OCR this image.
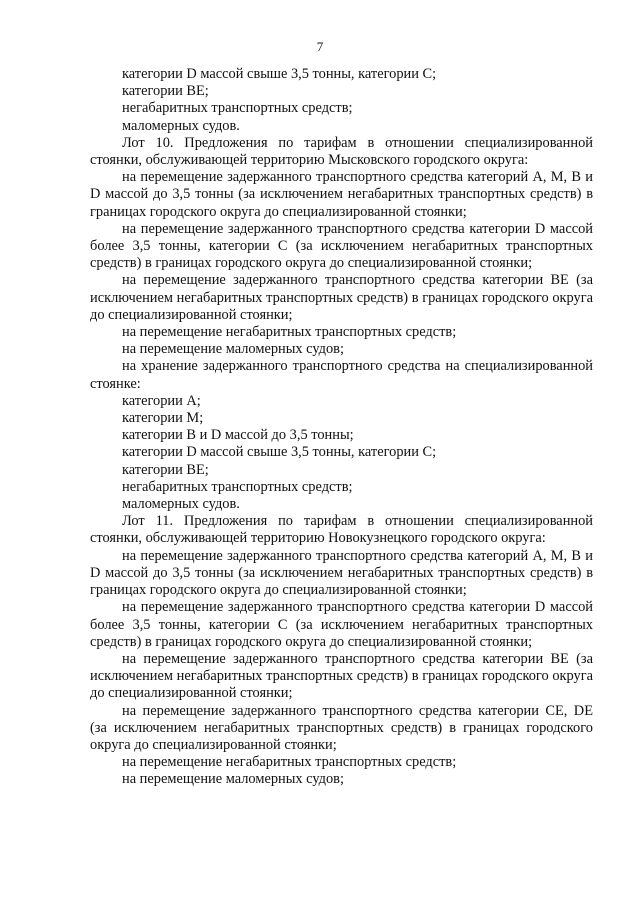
7

категории D массой свыше 3,5 тонны, категории С;

категории ВЕ;

негабаритных транспортных средств;

маломерных судов.

Лот 10. Предложения по тарифам в отношении специализированной стоянки, обслуживающей территорию Мысковского городского округа:

на перемещение задержанного транспортного средства категорий А, М, В и D массой до 3,5 тонны (за исключением негабаритных транспортных средств) в границах городского округа до специализированной стоянки;

на перемещение задержанного транспортного средства категории D массой более 3,5 тонны, категории С (за исключением негабаритных транспортных средств) в границах городского округа до специализированной стоянки;

на перемещение задержанного транспортного средства категории ВЕ (за исключением негабаритных транспортных средств) в границах городского округа до специализированной стоянки;

на перемещение негабаритных транспортных средств;

на перемещение маломерных судов;

на хранение задержанного транспортного средства на специализированной стоянке:

категории А;

категории М;

категории В и D массой до 3,5 тонны;

категории D массой свыше 3,5 тонны, категории С;

категории ВЕ;

негабаритных транспортных средств;

маломерных судов.

Лот 11. Предложения по тарифам в отношении специализированной стоянки, обслуживающей территорию Новокузнецкого городского округа:

на перемещение задержанного транспортного средства категорий А, М, В и D массой до 3,5 тонны (за исключением негабаритных транспортных средств) в границах городского округа до специализированной стоянки;

на перемещение задержанного транспортного средства категории D массой более 3,5 тонны, категории С (за исключением негабаритных транспортных средств) в границах городского округа до специализированной стоянки;

на перемещение задержанного транспортного средства категории ВЕ (за исключением негабаритных транспортных средств) в границах городского округа до специализированной стоянки;

на перемещение задержанного транспортного средства категории СЕ, DЕ (за исключением негабаритных транспортных средств) в границах городского округа до специализированной стоянки;

на перемещение негабаритных транспортных средств;

на перемещение маломерных судов;
